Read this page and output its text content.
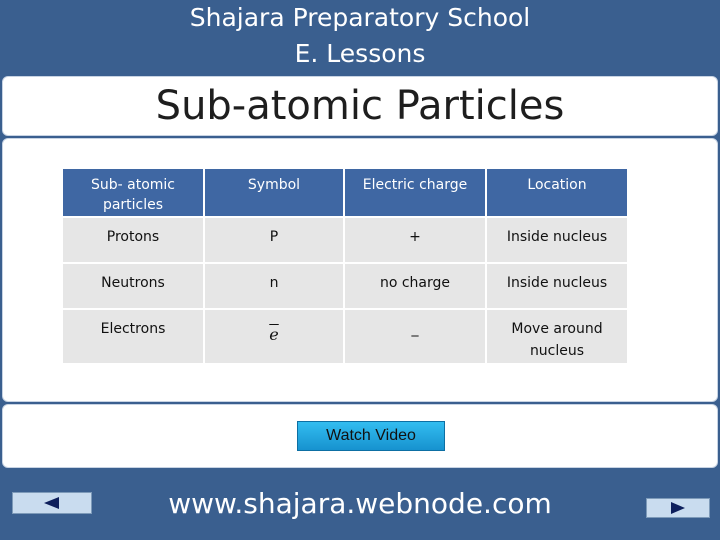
Shajara Preparatory School
E. Lessons
Sub-atomic Particles
Sub- atomic particles	Symbol	Electric charge	Location
Protons	P	+	Inside nucleus
Neutrons	n	no charge	Inside nucleus
Electrons	$\overline{e}$	_	Move around nucleus
Watch Video
www.shajara.webnode.com
